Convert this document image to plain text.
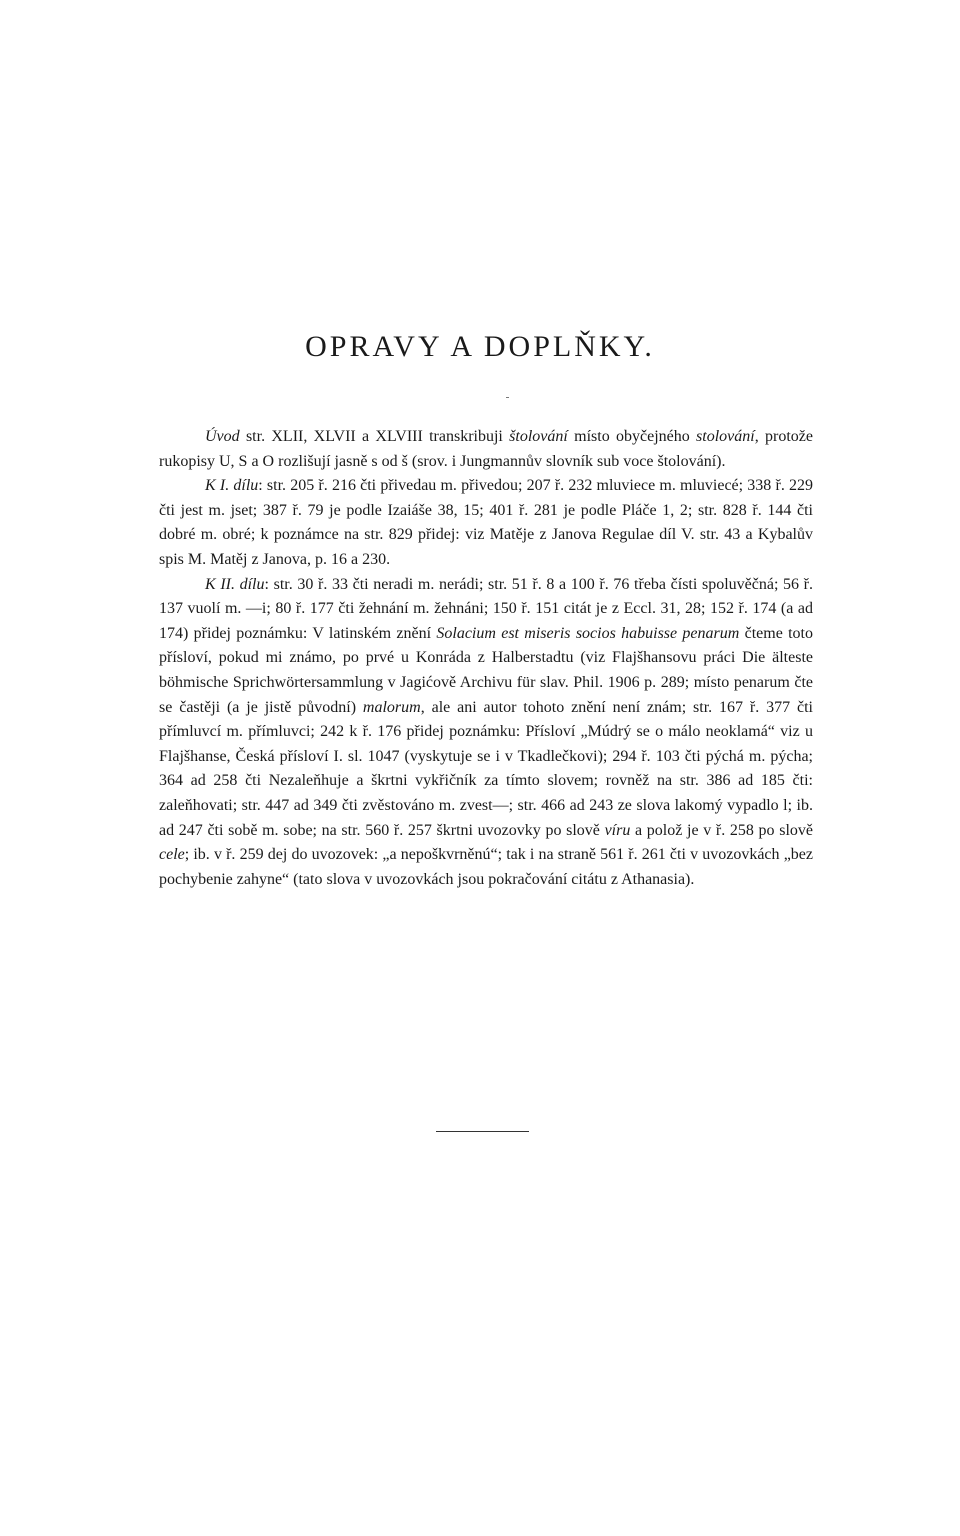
OPRAVY A DOPLŇKY.

Úvod str. XLII, XLVII a XLVIII transkribuji štolování místo obyčejného stolování, protože rukopisy U, S a O rozlišují jasně s od š (srov. i Jungmannův slovník sub voce štolování).

K I. dílu: str. 205 ř. 216 čti přivedau m. přivedou; 207 ř. 232 mluviece m. mluviecé; 338 ř. 229 čti jest m. jset; 387 ř. 79 je podle Izaiáše 38, 15; 401 ř. 281 je podle Pláče 1, 2; str. 828 ř. 144 čti dobré m. obré; k poznámce na str. 829 přidej: viz Matěje z Janova Regulae díl V. str. 43 a Kybalův spis M. Matěj z Janova, p. 16 a 230.

K II. dílu: str. 30 ř. 33 čti neradi m. nerádi; str. 51 ř. 8 a 100 ř. 76 třeba čísti spoluvěčná; 56 ř. 137 vuolí m. —i; 80 ř. 177 čti žehnání m. žehnáni; 150 ř. 151 citát je z Eccl. 31, 28; 152 ř. 174 (a ad 174) přidej poznámku: V latinském znění Solacium est miseris socios habuisse penarum čteme toto přísloví, pokud mi známo, po prvé u Konráda z Halberstadtu (viz Flajšhansovu práci Die älteste böhmische Sprichwörtersammlung v Jagićově Archivu für slav. Phil. 1906 p. 289; místo penarum čte se častěji (a je jistě původní) malorum, ale ani autor tohoto znění není znám; str. 167 ř. 377 čti přímluvcí m. přímluvci; 242 k ř. 176 přidej poznámku: Přísloví „Múdrý se o málo neoklamá“ viz u Flajšhanse, Česká přísloví I. sl. 1047 (vyskytuje se i v Tkadlečkovi); 294 ř. 103 čti pýchá m. pýcha; 364 ad 258 čti Nezaleňhuje a škrtni vykřičník za tímto slovem; rovněž na str. 386 ad 185 čti: zaleňhovati; str. 447 ad 349 čti zvěstováno m. zvest—; str. 466 ad 243 ze slova lakomý vypadlo l; ib. ad 247 čti sobě m. sobe; na str. 560 ř. 257 škrtni uvozovky po slově víru a polož je v ř. 258 po slově cele; ib. v ř. 259 dej do uvozovek: „a nepoškvrněnú“; tak i na straně 561 ř. 261 čti v uvozovkách „bez pochybenie zahyne“ (tato slova v uvozovkách jsou pokračování citátu z Athanasia).
